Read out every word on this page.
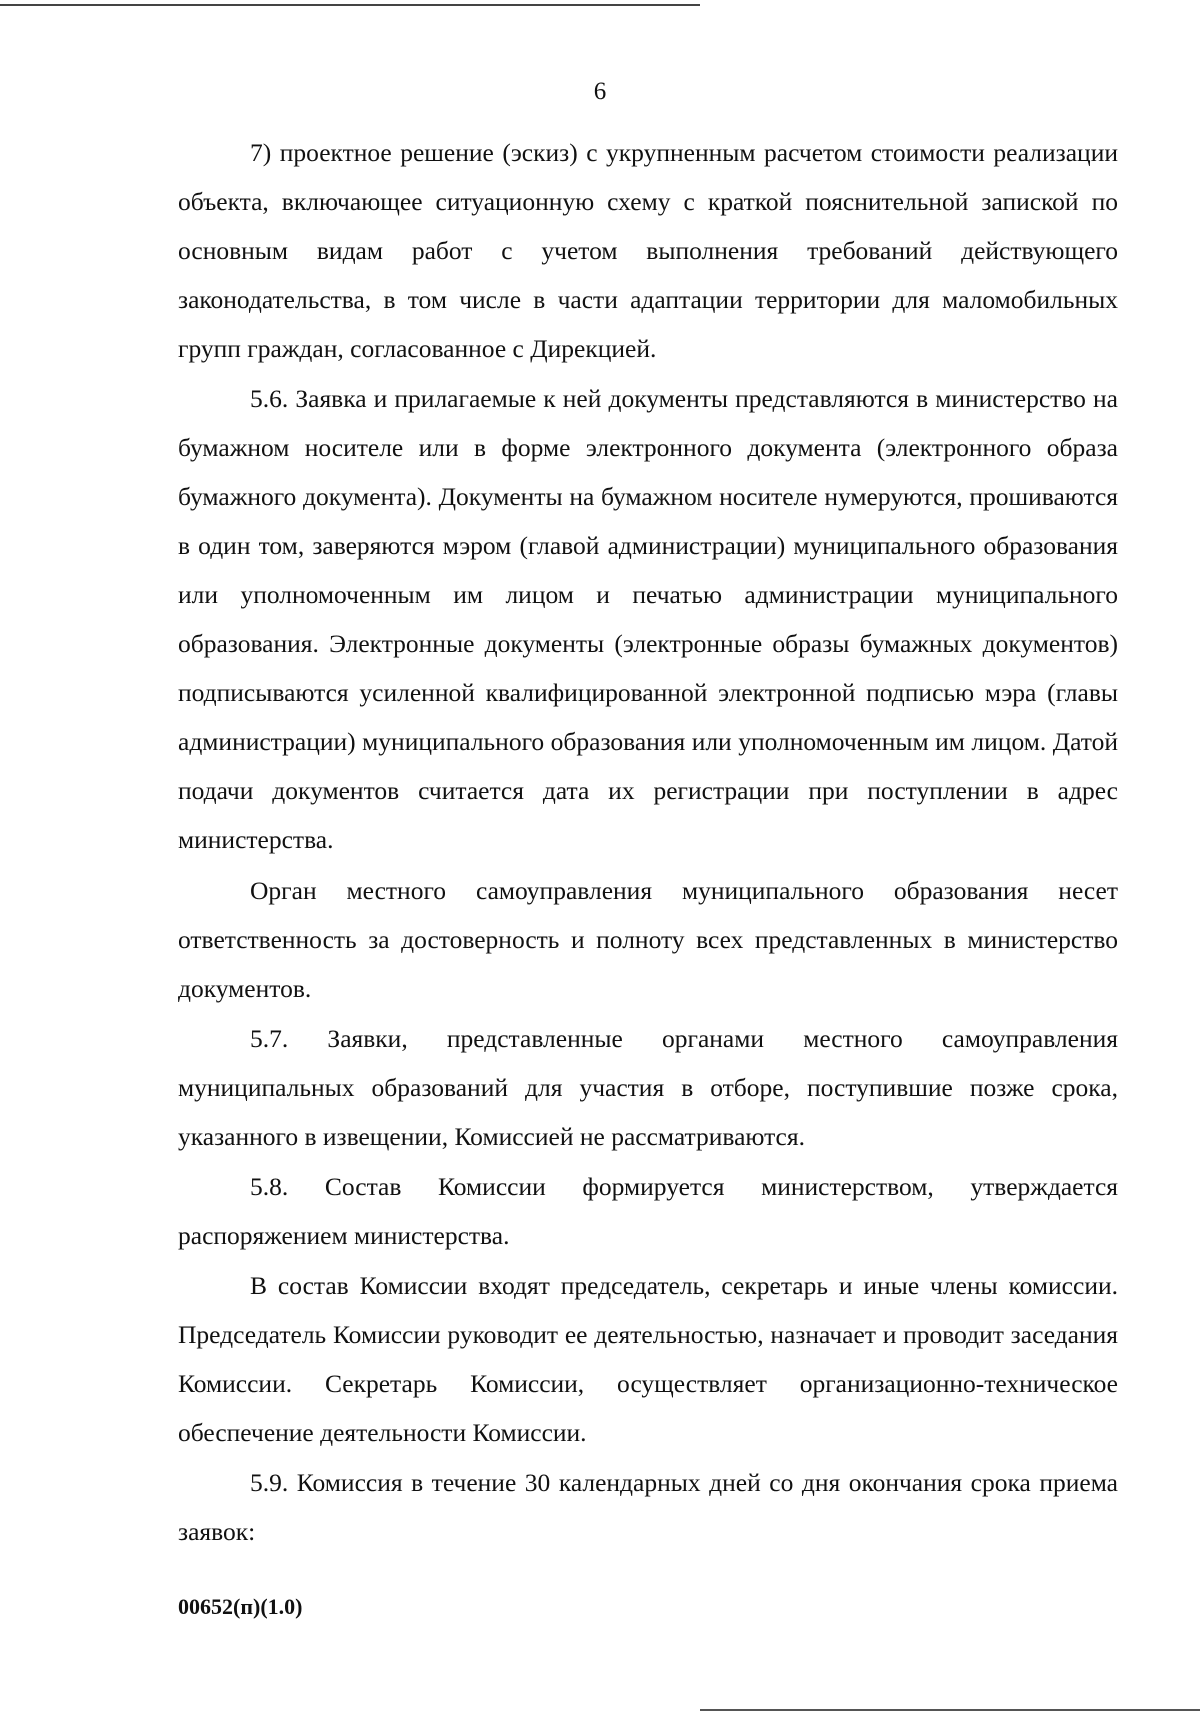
6

7) проектное решение (эскиз) с укрупненным расчетом стоимости реализации объекта, включающее ситуационную схему с краткой пояснительной запиской по основным видам работ с учетом выполнения требований действующего законодательства, в том числе в части адаптации территории для маломобильных групп граждан, согласованное с Дирекцией.

5.6. Заявка и прилагаемые к ней документы представляются в министерство на бумажном носителе или в форме электронного документа (электронного образа бумажного документа). Документы на бумажном носителе нумеруются, прошиваются в один том, заверяются мэром (главой администрации) муниципального образования или уполномоченным им лицом и печатью администрации муниципального образования. Электронные документы (электронные образы бумажных документов) подписываются усиленной квалифицированной электронной подписью мэра (главы администрации) муниципального образования или уполномоченным им лицом. Датой подачи документов считается дата их регистрации при поступлении в адрес министерства.

Орган местного самоуправления муниципального образования несет ответственность за достоверность и полноту всех представленных в министерство документов.

5.7. Заявки, представленные органами местного самоуправления муниципальных образований для участия в отборе, поступившие позже срока, указанного в извещении, Комиссией не рассматриваются.

5.8. Состав Комиссии формируется министерством, утверждается распоряжением министерства.

В состав Комиссии входят председатель, секретарь и иные члены комиссии. Председатель Комиссии руководит ее деятельностью, назначает и проводит заседания Комиссии. Секретарь Комиссии, осуществляет организационно-техническое обеспечение деятельности Комиссии.

5.9. Комиссия в течение 30 календарных дней со дня окончания срока приема заявок:

00652(п)(1.0)
